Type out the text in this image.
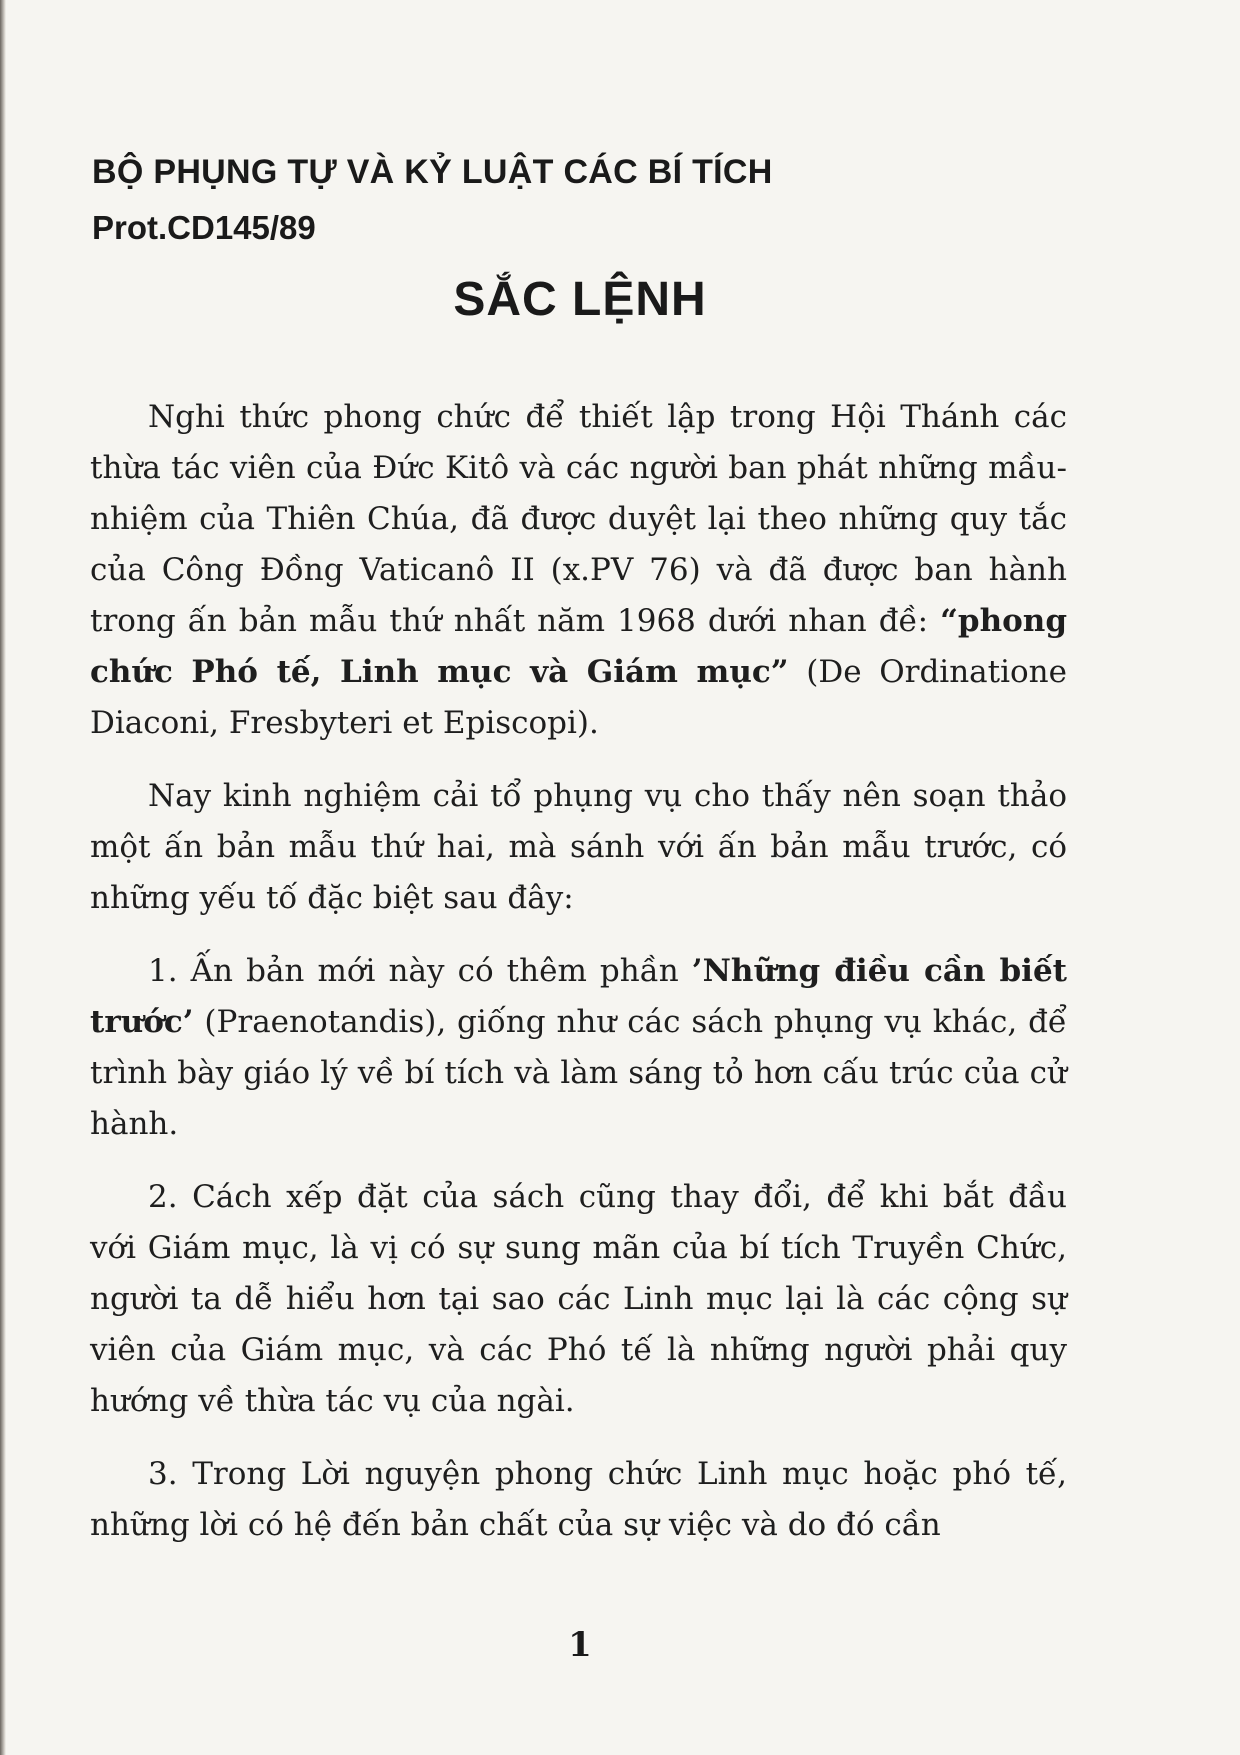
BỘ PHỤNG TỰ VÀ KỶ LUẬT CÁC BÍ TÍCH

Prot.CD145/89

SẮC LỆNH

Nghi thức phong chức để thiết lập trong Hội Thánh các thừa tác viên của Đức Kitô và các người ban phát những mầu-nhiệm của Thiên Chúa, đã được duyệt lại theo những quy tắc của Công Đồng Vaticanô II (x.PV 76) và đã được ban hành trong ấn bản mẫu thứ nhất năm 1968 dưới nhan đề: “phong chức Phó tế, Linh mục và Giám mục” (De Ordinatione Diaconi, Fresbyteri et Episcopi).

Nay kinh nghiệm cải tổ phụng vụ cho thấy nên soạn thảo một ấn bản mẫu thứ hai, mà sánh với ấn bản mẫu trước, có những yếu tố đặc biệt sau đây:

1. Ấn bản mới này có thêm phần ’Những điều cần biết trước’ (Praenotandis), giống như các sách phụng vụ khác, để trình bày giáo lý về bí tích và làm sáng tỏ hơn cấu trúc của cử hành.

2. Cách xếp đặt của sách cũng thay đổi, để khi bắt đầu với Giám mục, là vị có sự sung mãn của bí tích Truyền Chức, người ta dễ hiểu hơn tại sao các Linh mục lại là các cộng sự viên của Giám mục, và các Phó tế là những người phải quy hướng về thừa tác vụ của ngài.

3. Trong Lời nguyện phong chức Linh mục hoặc phó tế, những lời có hệ đến bản chất của sự việc và do đó cần

1
